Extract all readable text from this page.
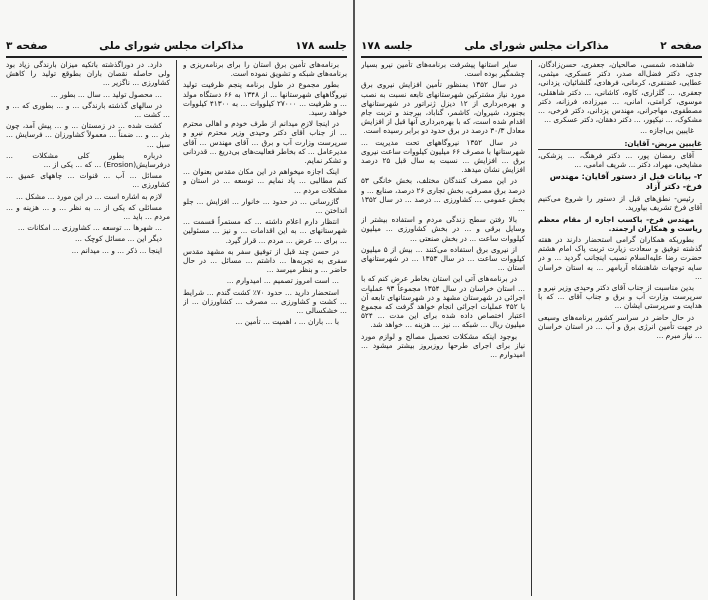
جلسه ۱۷۸
مذاکرات مجلس شورای ملی
صفحه ۳

برنامه‌های تأمین برق استان را برای برنامه‌ریزی و برنامه‌های شبکه و تشویق نموده است.

بطور مجموع در طول برنامه پنجم ظرفیت تولید نیروگاههای شهرستانها ... از ۱۳۴۸ به ۶۶ دستگاه مولد ... و ظرفیت ... ۲۷۰۰۰ کیلووات ... به ۴۱۳۰۰ کیلووات خواهد رسید.

در اینجا لازم میدانم از طرف خودم و اهالی محترم ... از جناب آقای دکتر وحیدی وزیر محترم نیرو و سرپرست وزارت آب و برق ... آقای مهندس ... آقای مدیرعامل ... که بخاطر فعالیت‌های بی‌دریغ ... قدردانی و تشکر نمایم.

اینک اجازه میخواهم در این مکان مقدس بعنوان ... کنم مطالبی ... یاد نمایم ... توسعه ... در استان و مشکلات مردم ...

گازرسانی ... در حدود ... خانوار ... افزایش ... جلو انداختن ...

انتظار دارم اعلام داشته ... که مستمراً قسمت ... شهرستانهای ... به این اقدامات ... و نیز ... مسئولین ... برای ... عرض ... مردم ... قرار گیرد.

در حسن چند قبل از توفیق سفر به مشهد مقدس سفری به تجربه‌ها ... داشتم ... مسائل ... در حال حاضر ... و بنظر میرسد ...

... است امروز تصمیم ... امیدوارم ...

استحضار دارید ... حدود ۷۰٪ کشت گندم ... شرایط ... کشت و کشاورزی ... مصرف ... کشاورزان ... از ... خشکسالی ...

با ... باران ... ، اهمیت ... تأمین ...

دارد. در دوراگذشته باتکیه میزان بارندگی زیاد بود ولی حاصله نقصان باران بطوقع تولید را کاهش کشاورزی ... ناگزیر ...

... محصول تولید ... سال ... بطور ...

در سالهای گذشته بارندگی ... و ... بطوری که ... و ... کشت ...

کشت شده ... در زمستان ... و ... پیش آمد، چون بذر ... و ... ضمناً ... معمولاً کشاورزان ... فرسایش ... سیل ...

درباره بطور کلی مشکلات ... درفرسایش(Erosion) ... که ... یکی از ...

مسائل ... آب ... قنوات ... چاههای عمیق ... کشاورزی ...

لازم به اشاره است ... در این مورد ... مشکل ...

مسائلی که یکی از ... به نظر ... و ... هزینه و ... مردم ... باید ...

... شهرها ... توسعه ... کشاورزی ... امکانات ...

دیگر این ... مسائل کوچک ...

اینجا ... ذکر ... و ... میدانم ...

صفحه ۲
مذاکرات مجلس شورای ملی
جلسه ۱۷۸

شاهنده، شمسی، صالحیان، جعفری، حسن‌زادگان، جدی، دکتر فضل‌اله صدر، دکتر عسکری، میثمی، عطایی، غضنفری، کرمانی، فرهادی، گلشائیان، یزدانی، جعفری، ... گلزاری، کاوه، کاشانی، ... دکتر شاهقلی، موسوی، کرامتی، امانی، ... میرزاده، فرزانه، دکتر مصطفوی، مهاجرانی، مهندس یزدانی، دکتر فرخی، ... مشکوک، ... نیکپور، ... دکتر دهقان، دکتر عسکری ...

غایبین بی‌اجازه ...

غایبین مریض- آقایان:

آقای رمضان پور، ... دکتر فرهنگ، ... پزشکی، مشایخی، مهراد، دکتر ... شریف امامی، ...

۲- بیانات قبل از دستور آقایان: مهندس فرخ- دکتر آزاد

رئیس- نطق‌های قبل از دستور را شروع می‌کنیم آقای فرخ تشریف بیاورید.

مهندس فرخ- باکسب اجازه از مقام معظم ریاست و همکاران ارجمند.

بطوریکه همکاران گرامی استحضار دارند در هفته گذشته توفیق و سعادت زیارت تربت پاک امام هشتم حضرت رضا علیه‌السلام نصیب اینجانب گردید ... و در سایه توجهات شاهنشاه آریامهر ... به استان خراسان ...

بدین مناسبت از جناب آقای دکتر وحیدی وزیر نیرو و سرپرست وزارت آب و برق و جناب آقای ... که با هدایت و سرپرستی ایشان ...

در حال حاضر در سراسر کشور برنامه‌های وسیعی در جهت تأمین انرژی برق و آب ... در استان خراسان ... نیاز مبرم ...

سایر استانها پیشرفت برنامه‌های تأمین نیرو بسیار چشمگیر بوده است.

در سال ۱۳۵۲ بمنظور تأمین افزایش نیروی برق مورد نیاز مشترکین شهرستانهای تابعه نسبت به نصب و بهره‌برداری از ۱۲ دیزل ژنراتور در شهرستانهای بجنورد، شیروان، کاشمر، گناباد، بیرجند و تربت جام اقدام شده است، که با بهره‌برداری آنها قبل از افزایش معادل ۳۰/۳ درصد در برق حدود دو برابر رسیده است.

در سال ۱۳۵۲ نیروگاههای تحت مدیریت ... شهرستانها با مصرف ۶۶ میلیون کیلووات ساعت نیروی برق ... افزایش ... نسبت به سال قبل ۲۵ درصد افزایش نشان میدهد.

در این مصرف کنندگان مختلف، بخش خانگی ۵۳ درصد برق مصرفی، بخش تجاری ۲۶ درصد، صنایع ... و بخش عمومی ... کشاورزی ... درصد ... در سال ۱۳۵۲ ...

بالا رفتن سطح زندگی مردم و استفاده بیشتر از وسایل برقی و ... در بخش کشاورزی ... میلیون کیلووات ساعت ... در بخش صنعتی ...

از نیروی برق استفاده می‌کنند ... بیش از ۵ میلیون کیلووات ساعت ... در سال ۱۳۵۳ ... در شهرستانهای استان ...

در برنامه‌های آتی این استان بخاطر عرض کنم که با ... استان خراسان در سال ۱۳۵۴ مجموعاً ۹۳ عملیات اجرائی در شهرستان مشهد و در شهرستانهای تابعه آن با ۴۵۲ عملیات اجرائی انجام خواهد گرفت که مجموع اعتبار اختصاص داده شده برای این مدت ... ۵۲۴ میلیون ریال ... شبکه ... نیز ... هزینه ... خواهد شد.

بوجود اینکه مشکلات تحصیل مصالح و لوازم مورد نیاز برای اجرای طرحها روزبروز بیشتر میشود ... امیدوارم ...
